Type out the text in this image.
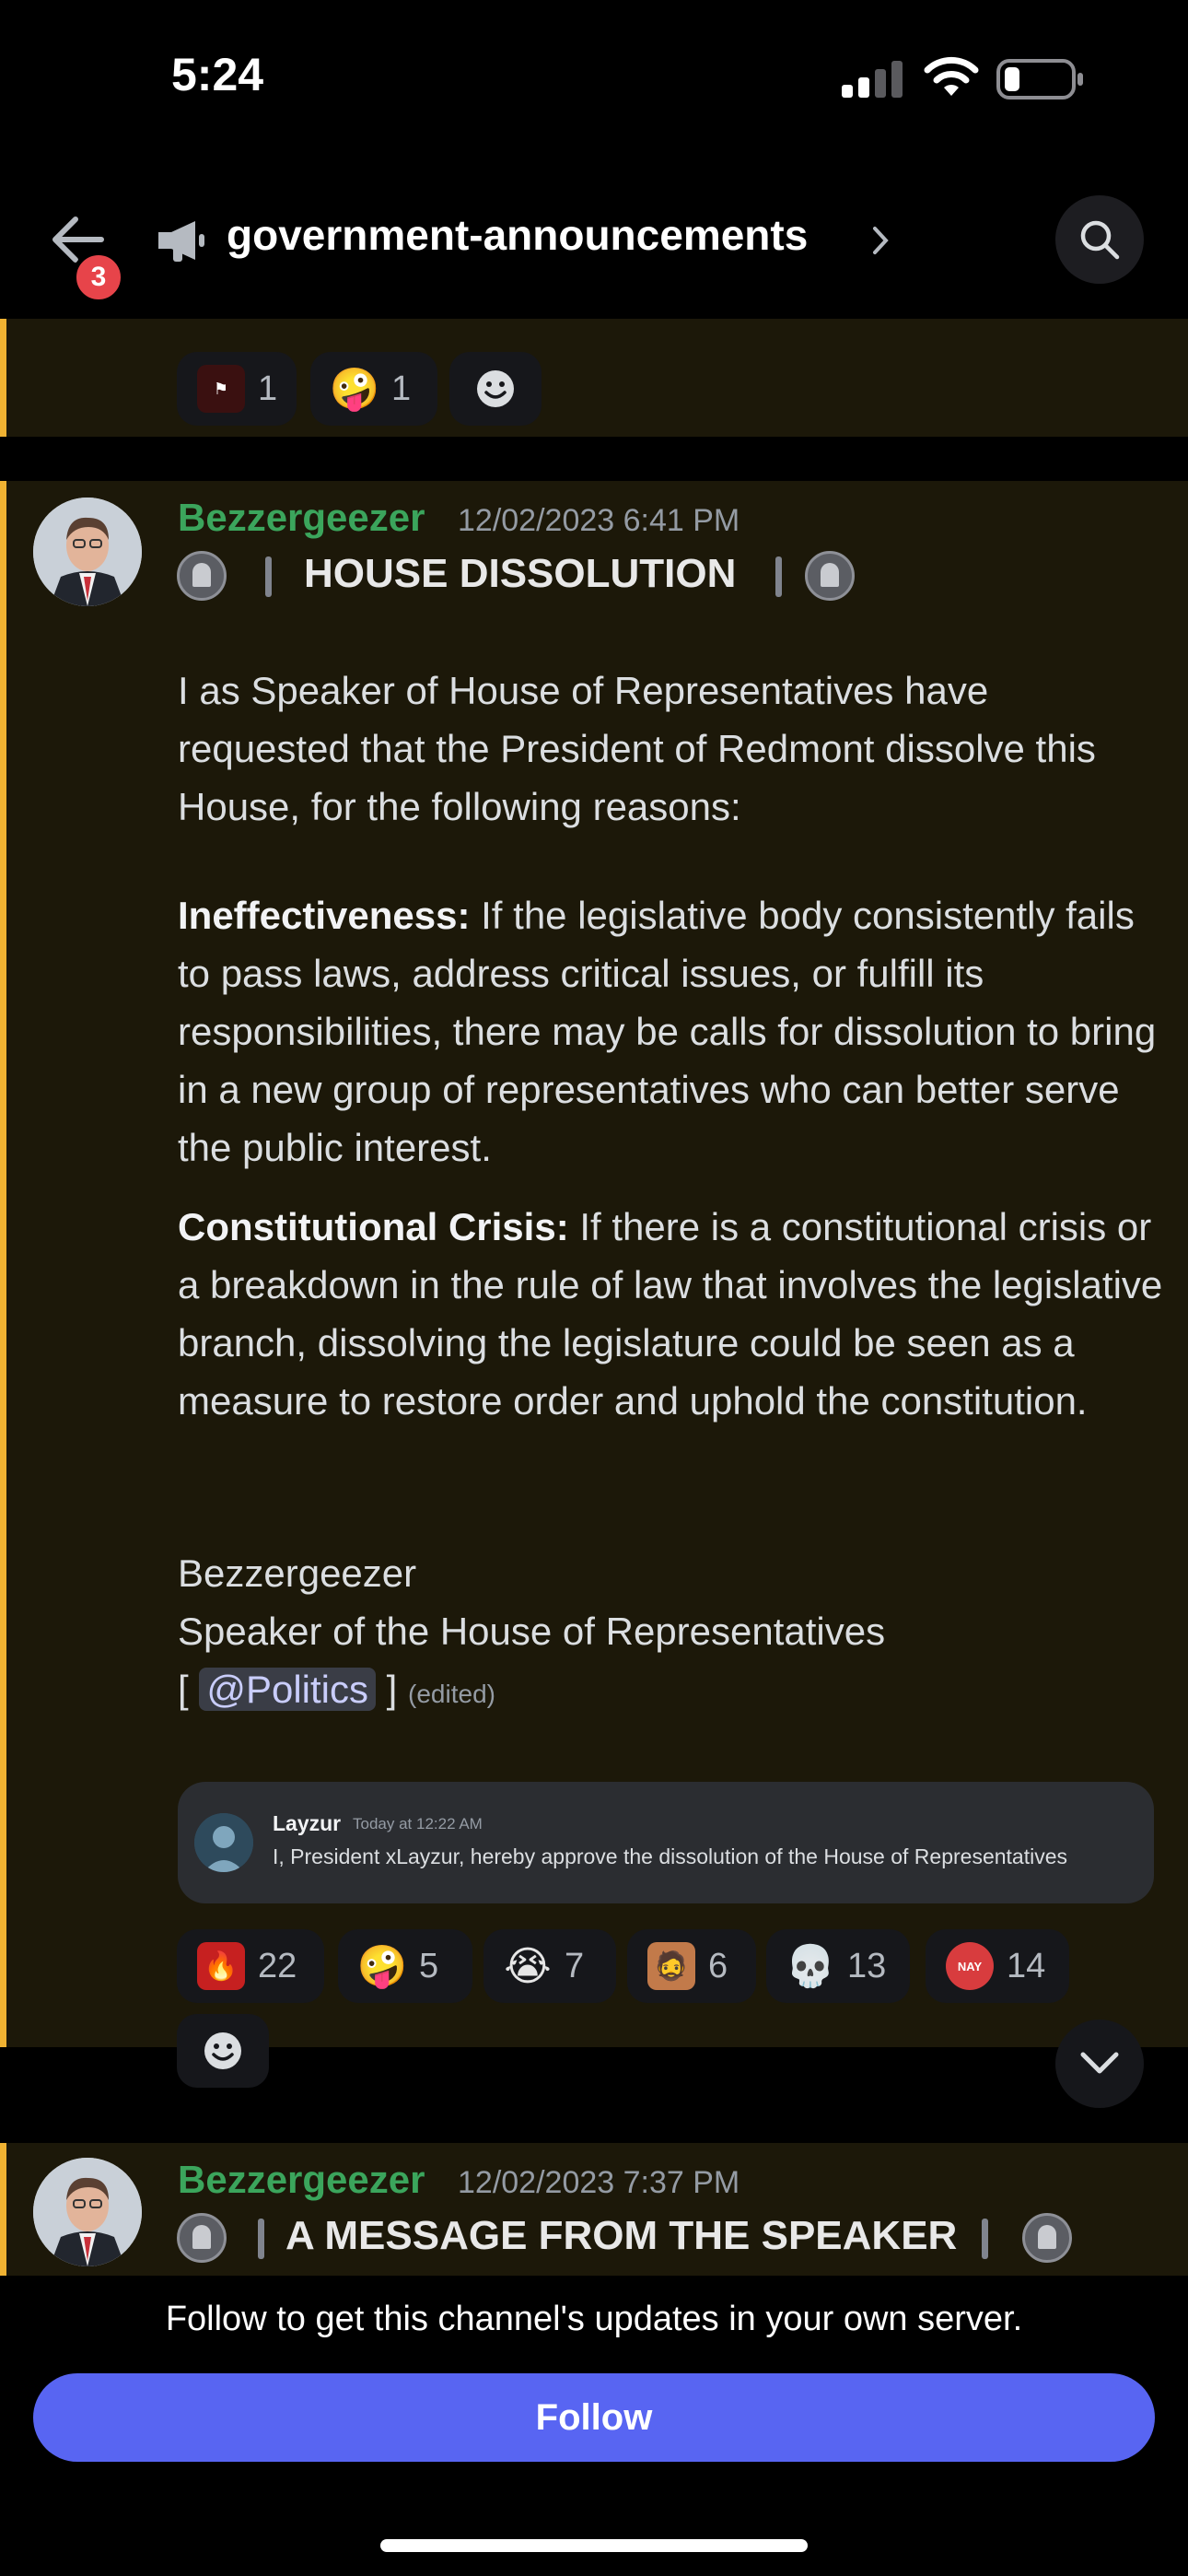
5:24
3
government-announcements
⚑ 1 🤪 1
Bezzergeezer 12/02/2023 6:41 PM
HOUSE DISSOLUTION
I as Speaker of House of Representatives have requested that the President of Redmont dissolve this House, for the following reasons:
Ineffectiveness: If the legislative body consistently fails to pass laws, address critical issues, or fulfill its responsibilities, there may be calls for dissolution to bring in a new group of representatives who can better serve the public interest.
Constitutional Crisis: If there is a constitutional crisis or a breakdown in the rule of law that involves the legislative branch, dissolving the legislature could be seen as a measure to restore order and uphold the constitution.
Bezzergeezer
Speaker of the House of Representatives
[ @Politics ] (edited)
Layzur Today at 12:22 AM
I, President xLayzur, hereby approve the dissolution of the House of Representatives
🔥 22 🤪 5 😭 7	🧔 6 💀 13	NAY 14
Bezzergeezer 12/02/2023 7:37 PM
A MESSAGE FROM THE SPEAKER
Follow to get this channel's updates in your own server.
Follow
